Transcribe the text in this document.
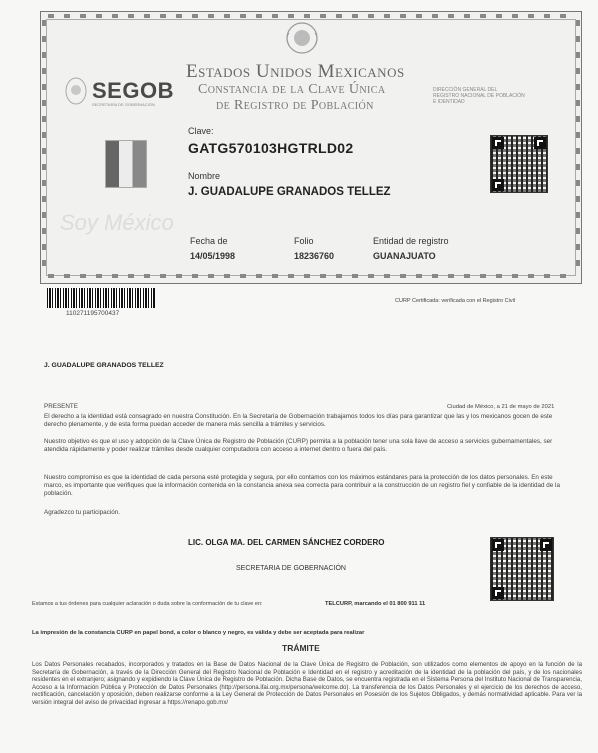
SEGOB
SECRETARÍA DE GOBERNACIÓN
Estados Unidos Mexicanos
Constancia de la Clave Única
de Registro de Población
DIRECCIÓN GENERAL DEL
REGISTRO NACIONAL DE POBLACIÓN
E IDENTIDAD
Clave:
GATG570103HGTRLD02
Nombre
J. GUADALUPE GRANADOS TELLEZ
Soy México
Fecha de
14/05/1998
Folio
18236760
Entidad de registro
GUANAJUATO
110271195700437
CURP Certificada: verificada con el Registro Civil
J. GUADALUPE GRANADOS TELLEZ
PRESENTE	Ciudad de México, a 21 de mayo de 2021
El derecho a la identidad está consagrado en nuestra Constitución. En la Secretaría de Gobernación trabajamos todos los días para garantizar que las y los mexicanos gocen de este derecho plenamente, y de esta forma puedan acceder de manera más sencilla a trámites y servicios.
Nuestro objetivo es que el uso y adopción de la Clave Única de Registro de Población (CURP) permita a la población tener una sola llave de acceso a servicios gubernamentales, ser atendida rápidamente y poder realizar trámites desde cualquier computadora con acceso a internet dentro o fuera del país.
Nuestro compromiso es que la identidad de cada persona esté protegida y segura, por ello contamos con los máximos estándares para la protección de los datos personales. En este marco, es importante que verifiques que la información contenida en la constancia anexa sea correcta para contribuir a la construcción de un registro fiel y confiable de la identidad de la población.
Agradezco tu participación.
LIC. OLGA MA. DEL CARMEN SÁNCHEZ CORDERO
SECRETARIA DE GOBERNACIÓN
Estamos a tus órdenes para cualquier aclaración o duda sobre la conformación de tu clave en:	TELCURP, marcando el 01 800 911 11
La impresión de la constancia CURP en papel bond, a color o blanco y negro, es válida y debe ser aceptada para realizar
TRÁMITE
Los Datos Personales recabados, incorporados y tratados en la Base de Datos Nacional de la Clave Única de Registro de Población, son utilizados como elementos de apoyo en la función de la Secretaría de Gobernación, a través de la Dirección General del Registro Nacional de Población e Identidad en el registro y acreditación de la identidad de la población del país, y de los nacionales residentes en el extranjero; asignando y expidiendo la Clave Única de Registro de Población. Dicha Base de Datos, se encuentra registrada en el Sistema Persona del Instituto Nacional de Transparencia, Acceso a la Información Pública y Protección de Datos Personales (http://persona.ifai.org.mx/persona/welcome.do). La transferencia de los Datos Personales y el ejercicio de los derechos de acceso, rectificación, cancelación y oposición, deben realizarse conforme a la Ley General de Protección de Datos Personales en Posesión de los Sujetos Obligados, y demás normatividad aplicable. Para ver la versión integral del aviso de privacidad ingresar a https://renapo.gob.mx/
